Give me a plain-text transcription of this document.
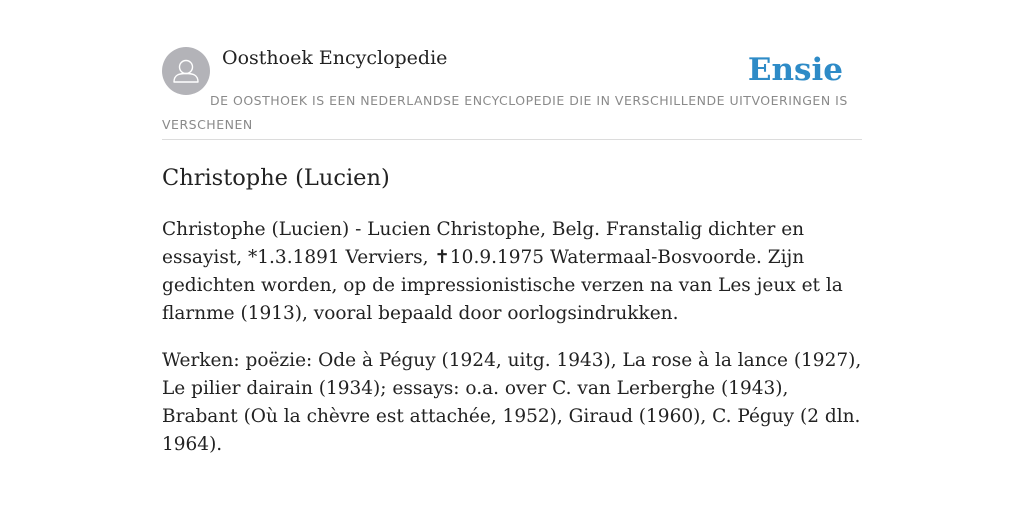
Oosthoek Encyclopedie	Ensie
DE OOSTHOEK IS EEN NEDERLANDSE ENCYCLOPEDIE DIE IN VERSCHILLENDE UITVOERINGEN IS VERSCHENEN
Christophe (Lucien)

Christophe (Lucien) - Lucien Christophe, Belg. Franstalig dichter en essayist, *1.3.1891 Verviers, ✝10.9.1975 Watermaal-Bosvoorde. Zijn gedichten worden, op de impressionistische verzen na van Les jeux et la flarnme (1913), vooral bepaald door oorlogsindrukken.

Werken: poëzie: Ode à Péguy (1924, uitg. 1943), La rose à la lance (1927), Le pilier dairain (1934); essays: o.a. over C. van Lerberghe (1943), Brabant (Où la chèvre est attachée, 1952), Giraud (1960), C. Péguy (2 dln. 1964).
